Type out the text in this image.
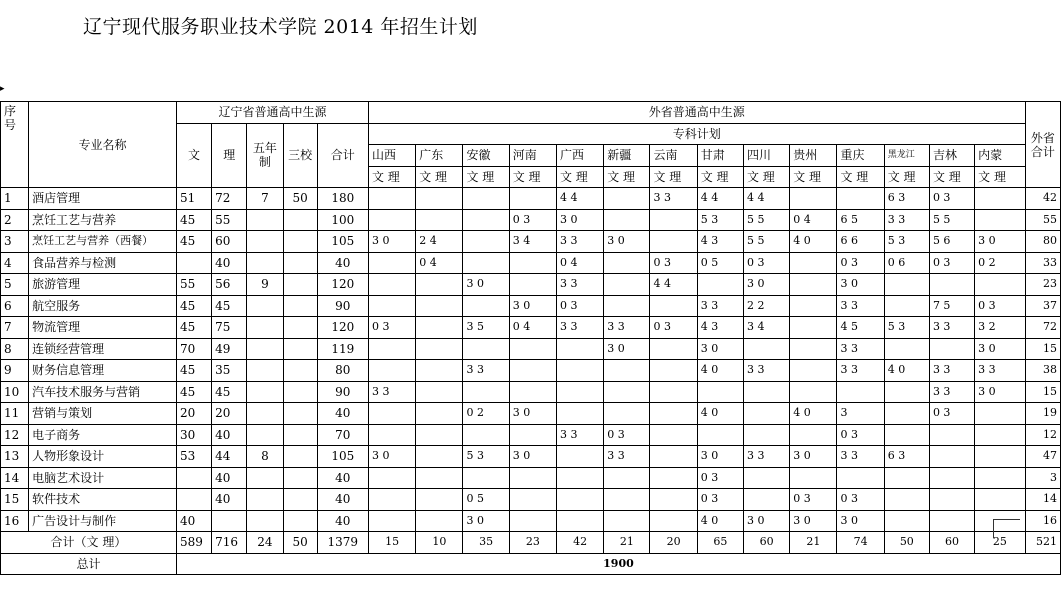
辽宁现代服务职业技术学院 2014 年招生计划
▸
序号	专业名称	辽宁省普通高中生源					外省普通高中生源														外省合计
		文	理	五年制	三校	合计	专科计划														
							山西	广东	安徽	河南	广西	新疆	云南	甘肃	四川	贵州	重庆	黑龙江	吉林	内蒙	
							文 理	文 理	文 理	文 理	文 理	文 理	文 理	文 理	文 理	文 理	文 理	文 理	文 理	文 理	
1	酒店管理	51	72	7	50	180					4 4		3 3	4 4	4 4			6 3	0 3		42
2	烹饪工艺与营养	45	55			100				0 3	3 0			5 3	5 5	0 4	6 5	3 3	5 5		55
3	烹饪工艺与营养（西餐）	45	60			105	3 0	2 4		3 4	3 3	3 0		4 3	5 5	4 0	6 6	5 3	5 6	3 0	80
4	食品营养与检测		40			40		0 4			0 4		0 3	0 5	0 3		0 3	0 6	0 3	0 2	33
5	旅游管理	55	56	9		120			3 0		3 3		4 4		3 0		3 0				23
6	航空服务	45	45			90				3 0	0 3			3 3	2 2		3 3		7 5	0 3	37
7	物流管理	45	75			120	0 3		3 5	0 4	3 3	3 3	0 3	4 3	3 4		4 5	5 3	3 3	3 2	72
8	连锁经营管理	70	49			119						3 0		3 0			3 3			3 0	15
9	财务信息管理	45	35			80			3 3					4 0	3 3		3 3	4 0	3 3	3 3	38
10	汽车技术服务与营销	45	45			90	3 3												3 3	3 0	15
11	营销与策划	20	20			40			0 2	3 0				4 0		4 0	3		0 3		19
12	电子商务	30	40			70					3 3	0 3					0 3				12
13	人物形象设计	53	44	8		105	3 0		5 3	3 0		3 3		3 0	3 3	3 0	3 3	6 3			47
14	电脑艺术设计		40			40								0 3							3
15	软件技术		40			40			0 5					0 3		0 3	0 3				14
16	广告设计与制作	40				40			3 0					4 0	3 0	3 0	3 0				16
合计（文 理）		589	716	24	50	1379	15	10	35	23	42	21	20	65	60	21	74	50	60	25	521
总计		1900																			
